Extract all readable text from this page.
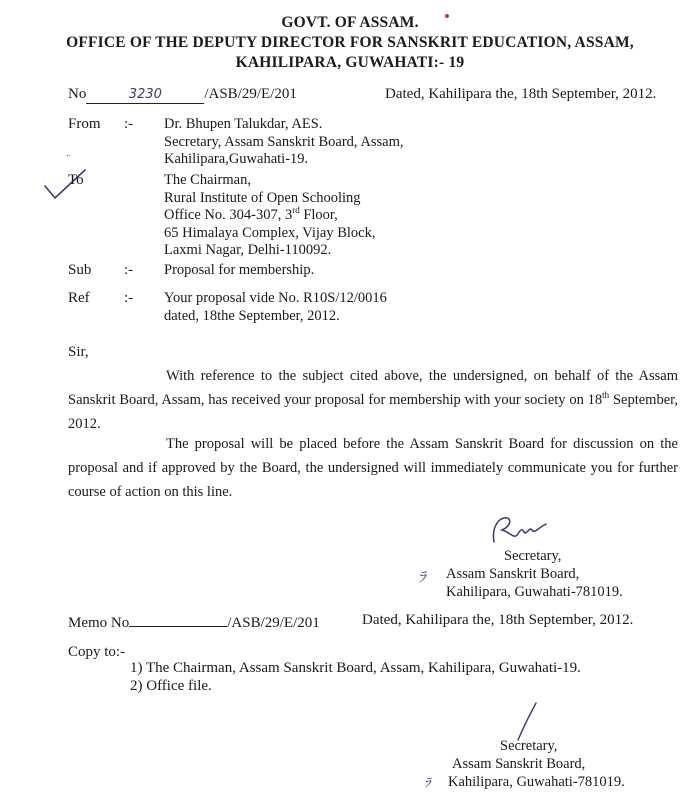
GOVT. OF ASSAM.
OFFICE OF THE DEPUTY DIRECTOR FOR SANSKRIT EDUCATION, ASSAM,
KAHILIPARA, GUWAHATI:- 19
No	3230	/ASB/29/E/201	Dated, Kahilipara the, 18th September, 2012.
From :- Dr. Bhupen Talukdar, AES.
Secretary, Assam Sanskrit Board, Assam,
Kahilipara,Guwahati-19.
..
To	The Chairman,
Rural Institute of Open Schooling
Office No. 304-307, 3rd Floor,
65 Himalaya Complex, Vijay Block,
Laxmi Nagar, Delhi-110092.
Sub :- Proposal for membership.
Ref :- Your proposal vide No. R10S/12/0016
dated, 18the September, 2012.
Sir,
With reference to the subject cited above, the undersigned, on behalf of the Assam Sanskrit Board, Assam, has received your proposal for membership with your society on 18th September, 2012.
The proposal will be placed before the Assam Sanskrit Board for discussion on the proposal and if approved by the Board, the undersigned will immediately communicate you for further course of action on this line.
Secretary,
ﾗ Assam Sanskrit Board,
Kahilipara, Guwahati-781019.
Memo No	/ASB/29/E/201	Dated, Kahilipara the, 18th September, 2012.
Copy to:-
1) The Chairman, Assam Sanskrit Board, Assam, Kahilipara, Guwahati-19.
2) Office file.
Secretary,
Assam Sanskrit Board,
ﾗ Kahilipara, Guwahati-781019.
